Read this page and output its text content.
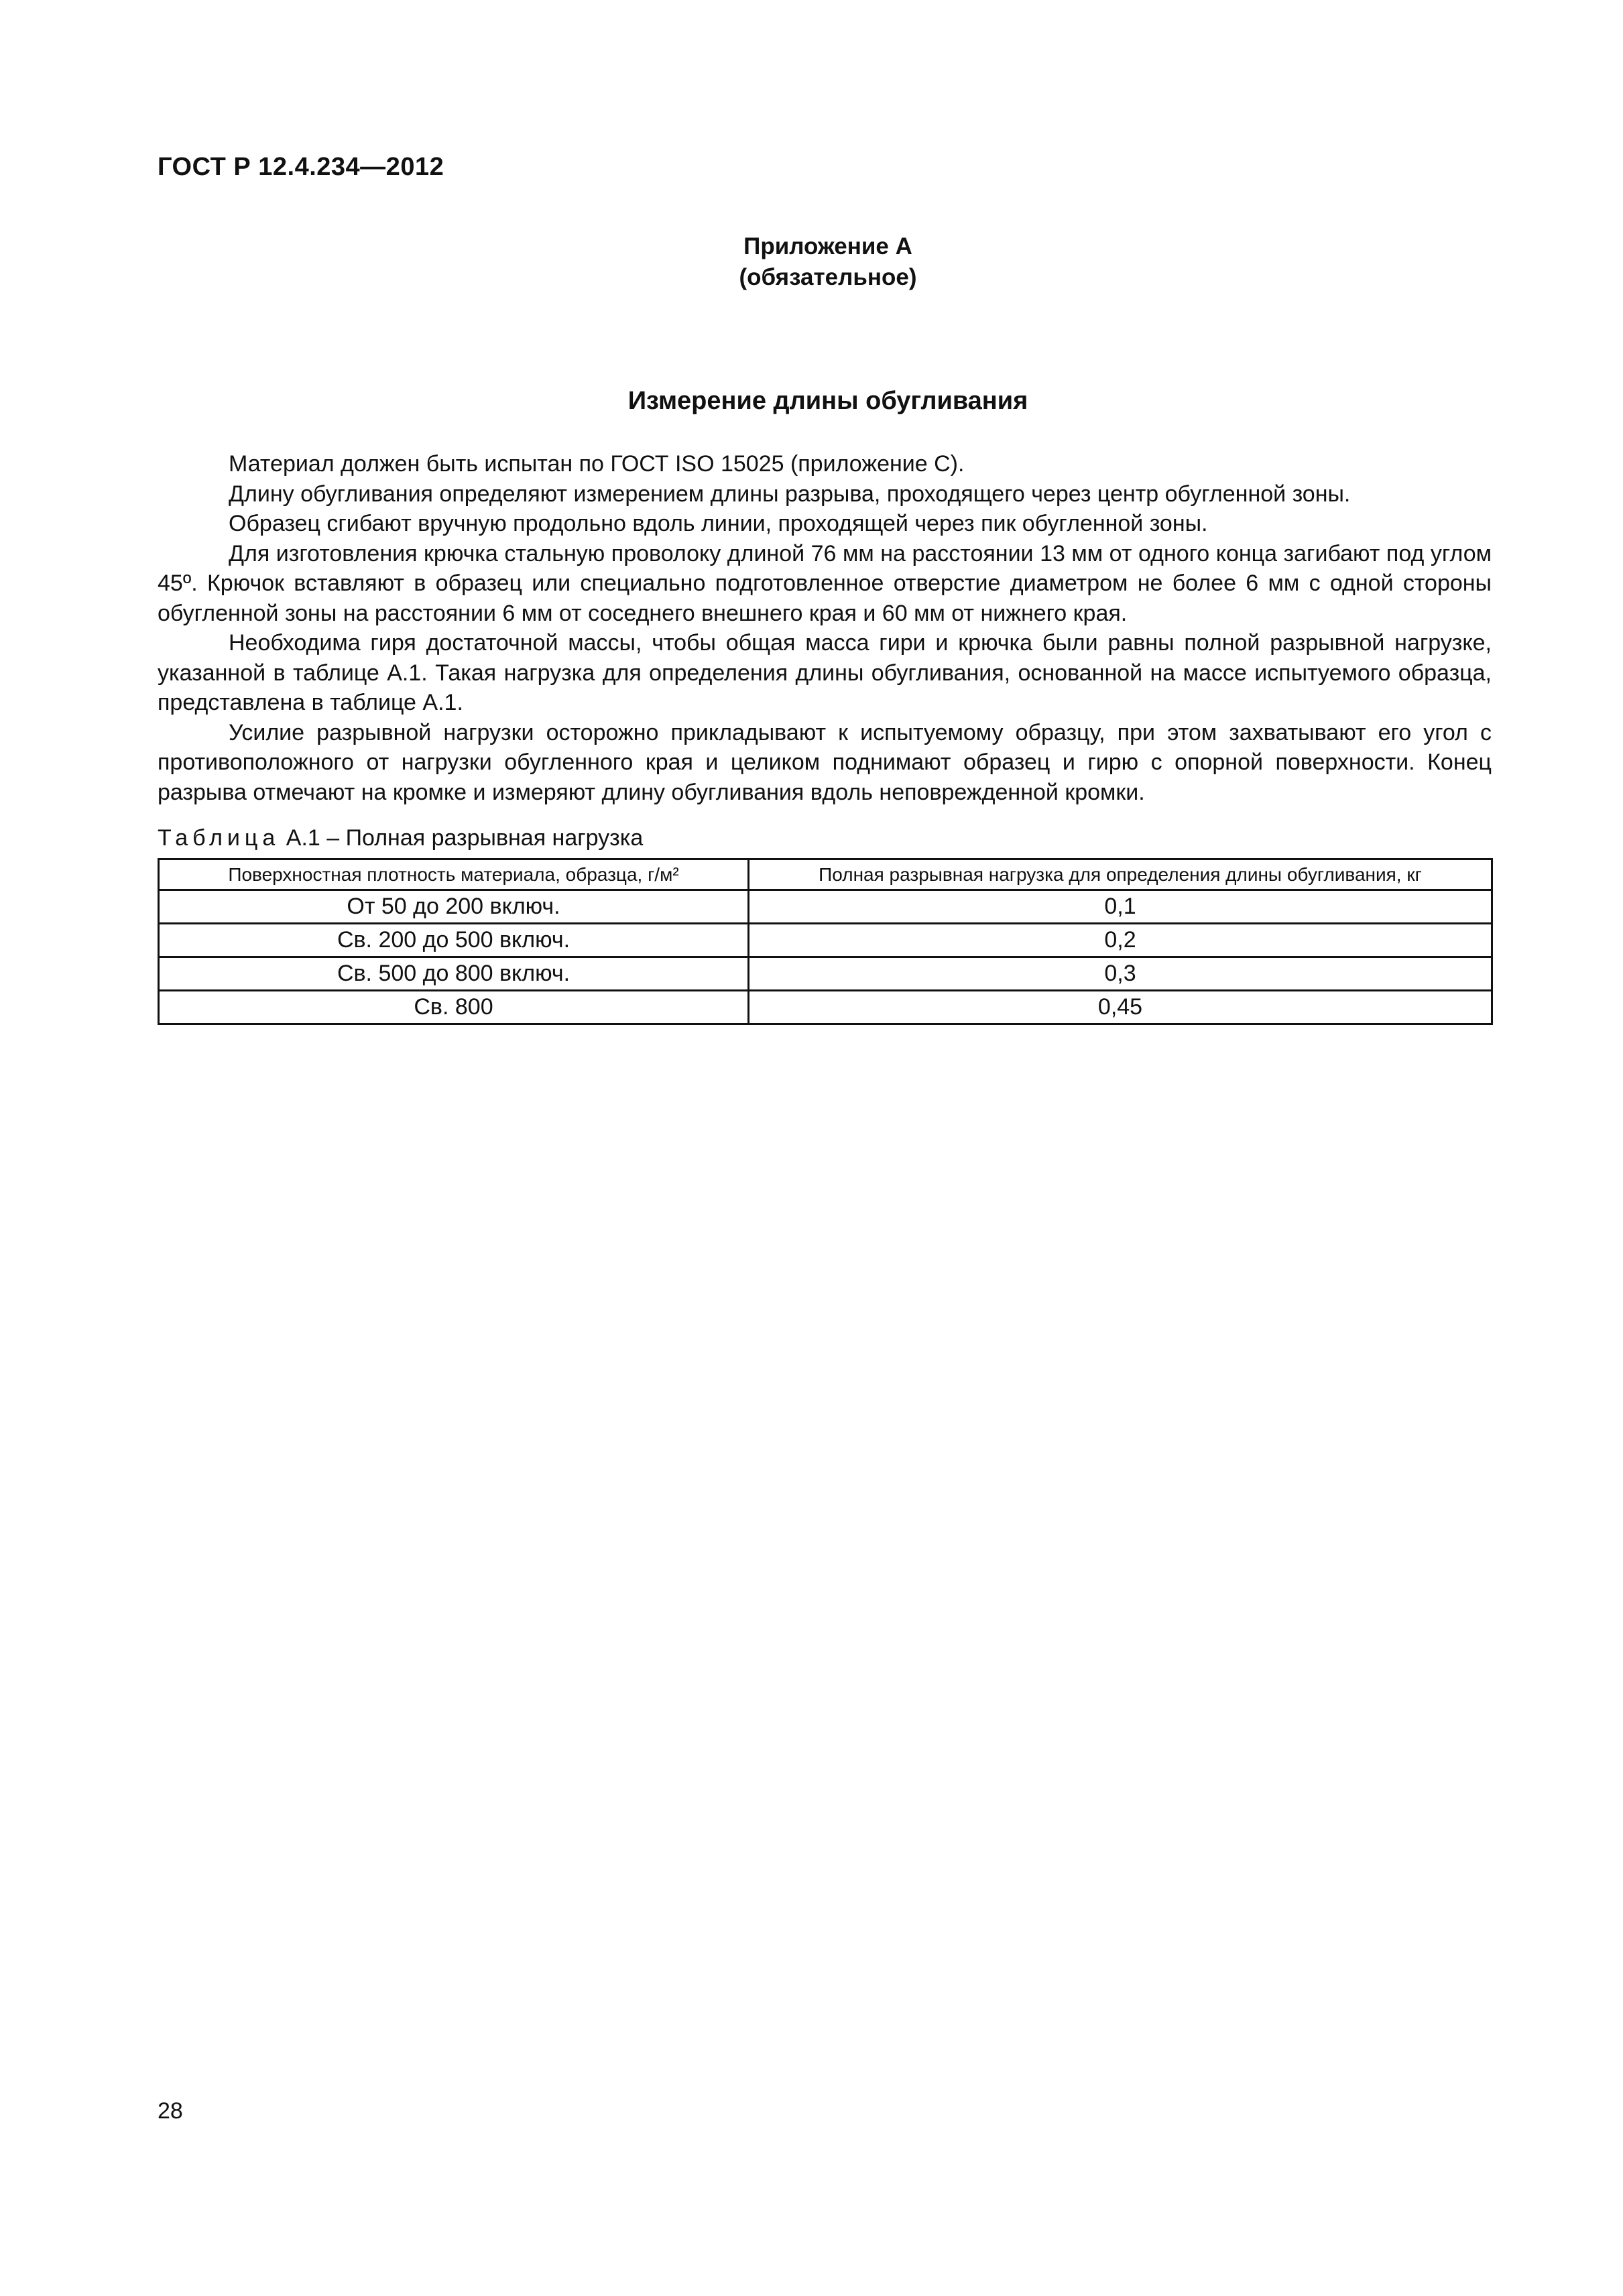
ГОСТ Р 12.4.234—2012
Приложение А
(обязательное)
Измерение длины обугливания

Материал должен быть испытан по ГОСТ ISO 15025 (приложение С).

Длину обугливания определяют измерением длины разрыва, проходящего через центр обугленной зоны.

Образец сгибают вручную продольно вдоль линии, проходящей через пик обугленной зоны.

Для изготовления крючка стальную проволоку длиной 76 мм на расстоянии 13 мм от одного конца загибают под углом 45º. Крючок вставляют в образец или специально подготовленное отверстие диаметром не более 6 мм с одной стороны обугленной зоны на расстоянии 6 мм от соседнего внешнего края и 60 мм от нижнего края.

Необходима гиря достаточной массы, чтобы общая масса гири и крючка были равны полной разрывной нагрузке, указанной в таблице А.1. Такая нагрузка для определения длины обугливания, основанной на массе испытуемого образца, представлена в таблице А.1.

Усилие разрывной нагрузки осторожно прикладывают к испытуемому образцу, при этом захватывают его угол с противоположного от нагрузки обугленного края и целиком поднимают образец и гирю с опорной поверхности. Конец разрыва отмечают на кромке и измеряют длину обугливания вдоль неповрежденной кромки.

Таблица А.1 – Полная разрывная нагрузка
Поверхностная плотность материала, образца, г/м²	Полная разрывная нагрузка для определения длины обугливания, кг
От 50 до 200 включ.	0,1
Св. 200 до 500 включ.	0,2
Св. 500 до 800 включ.	0,3
Св. 800	0,45
28
